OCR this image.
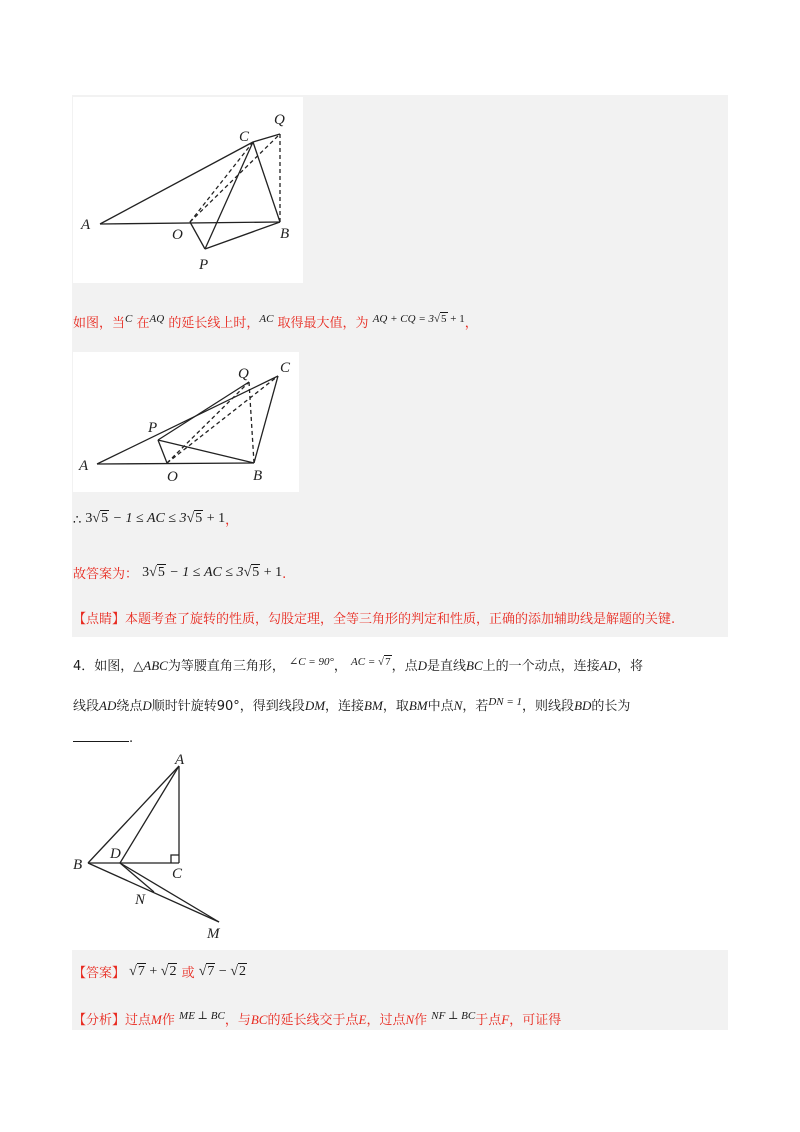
A
B
C
Q
O
P
如图，当$^C$ 在$^{AQ}$ 的延长线上时，$^{AC}$ 取得最大值，为 $^{AQ + CQ = 3√5 + 1}$，
A
B
C
Q
O
P
∴ 3√5 − 1 ≤ AC ≤ 3√5 + 1，
故答案为： 3√5 − 1 ≤ AC ≤ 3√5 + 1.
【点睛】本题考查了旋转的性质，勾股定理，全等三角形的判定和性质，正确的添加辅助线是解题的关键.
4．如图，△ABC为等腰直角三角形， $^{\angle C = 90^\circ}$， $^{AC = √7}$，点D是直线BC上的一个动点，连接AD，将
线段AD绕点D顺时针旋转90°，得到线段DM，连接BM，取BM中点N，若$^{DN = 1}$，则线段BD的长为
.
A
B
C
D
N
M
【答案】 √7 + √2 或 √7 − √2
【分析】过点M作 $^{ME \perp BC}$，与BC的延长线交于点E，过点N作 $^{NF \perp BC}$于点F，可证得
